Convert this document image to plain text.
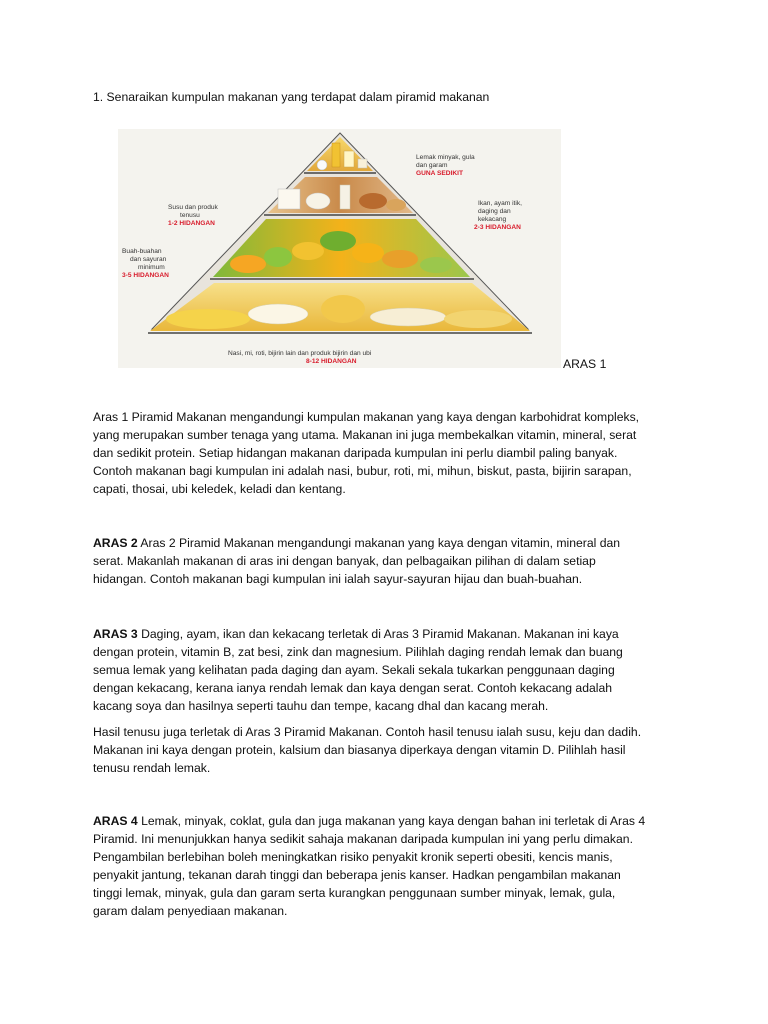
1. Senaraikan kumpulan makanan yang terdapat dalam piramid makanan

Lemak minyak, gula
dan garam
GUNA SEDIKIT
Susu dan produk
tenusu
1-2 HIDANGAN
Ikan, ayam itik,
daging dan
kekacang
2-3 HIDANGAN
Buah-buahan
dan sayuran
minimum
3-5 HIDANGAN
Nasi, mi, roti, bijirin lain dan produk bijirin dan ubi
8-12 HIDANGAN	ARAS 1

Aras 1 Piramid Makanan mengandungi kumpulan makanan yang kaya dengan karbohidrat kompleks,
yang merupakan sumber tenaga yang utama. Makanan ini juga membekalkan vitamin, mineral, serat
dan sedikit protein. Setiap hidangan makanan daripada kumpulan ini perlu diambil paling banyak.
Contoh makanan bagi kumpulan ini adalah nasi, bubur, roti, mi, mihun, biskut, pasta, bijirin sarapan,
capati, thosai, ubi keledek, keladi dan kentang.

ARAS 2 Aras 2 Piramid Makanan mengandungi makanan yang kaya dengan vitamin, mineral dan
serat. Makanlah makanan di aras ini dengan banyak, dan pelbagaikan pilihan di dalam setiap
hidangan. Contoh makanan bagi kumpulan ini ialah sayur-sayuran hijau dan buah-buahan.

ARAS 3 Daging, ayam, ikan dan kekacang terletak di Aras 3 Piramid Makanan. Makanan ini kaya
dengan protein, vitamin B, zat besi, zink dan magnesium. Pilihlah daging rendah lemak dan buang
semua lemak yang kelihatan pada daging dan ayam. Sekali sekala tukarkan penggunaan daging
dengan kekacang, kerana ianya rendah lemak dan kaya dengan serat. Contoh kekacang adalah
kacang soya dan hasilnya seperti tauhu dan tempe, kacang dhal dan kacang merah.

Hasil tenusu juga terletak di Aras 3 Piramid Makanan. Contoh hasil tenusu ialah susu, keju dan dadih.
Makanan ini kaya dengan protein, kalsium dan biasanya diperkaya dengan vitamin D. Pilihlah hasil
tenusu rendah lemak.

ARAS 4 Lemak, minyak, coklat, gula dan juga makanan yang kaya dengan bahan ini terletak di Aras 4
Piramid. Ini menunjukkan hanya sedikit sahaja makanan daripada kumpulan ini yang perlu dimakan.
Pengambilan berlebihan boleh meningkatkan risiko penyakit kronik seperti obesiti, kencis manis,
penyakit jantung, tekanan darah tinggi dan beberapa jenis kanser. Hadkan pengambilan makanan
tinggi lemak, minyak, gula dan garam serta kurangkan penggunaan sumber minyak, lemak, gula,
garam dalam penyediaan makanan.
